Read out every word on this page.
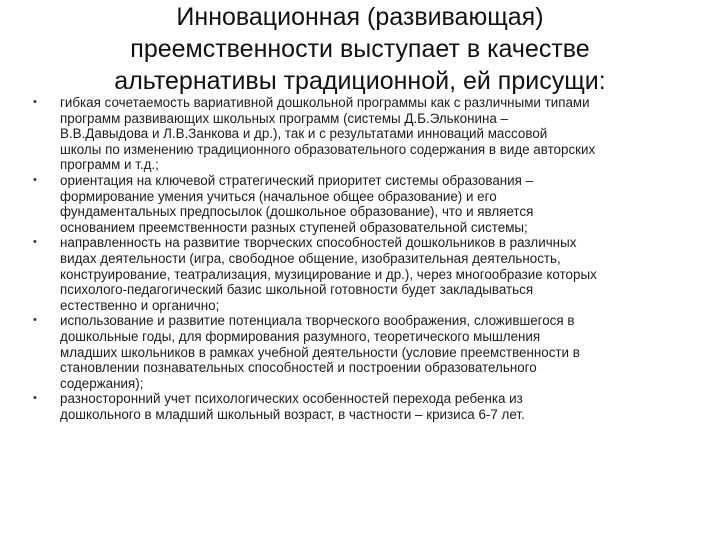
Инновационная (развивающая)
преемственности выступает в качестве
альтернативы традиционной, ей присущи:
• гибкая сочетаемость вариативной дошкольной программы как с различными типами
программ развивающих школьных программ (системы Д.Б.Эльконина –
В.В.Давыдова и Л.В.Занкова и др.), так и с результатами инноваций массовой
школы по изменению традиционного образовательного содержания в виде авторских
программ и т.д.;
• ориентация на ключевой стратегический приоритет системы образования –
формирование умения учиться (начальное общее образование) и его
фундаментальных предпосылок (дошкольное образование), что и является
основанием преемственности разных ступеней образовательной системы;
• направленность на развитие творческих способностей дошкольников в различных
видах деятельности (игра, свободное общение, изобразительная деятельность,
конструирование, театрализация, музицирование и др.), через многообразие которых
психолого-педагогический базис школьной готовности будет закладываться
естественно и органично;
• использование и развитие потенциала творческого воображения, сложившегося в
дошкольные годы, для формирования разумного, теоретического мышления
младших школьников в рамках учебной деятельности (условие преемственности в
становлении познавательных способностей и построении образовательного
содержания);
• разносторонний учет психологических особенностей перехода ребенка из
дошкольного в младший школьный возраст, в частности – кризиса 6-7 лет.
